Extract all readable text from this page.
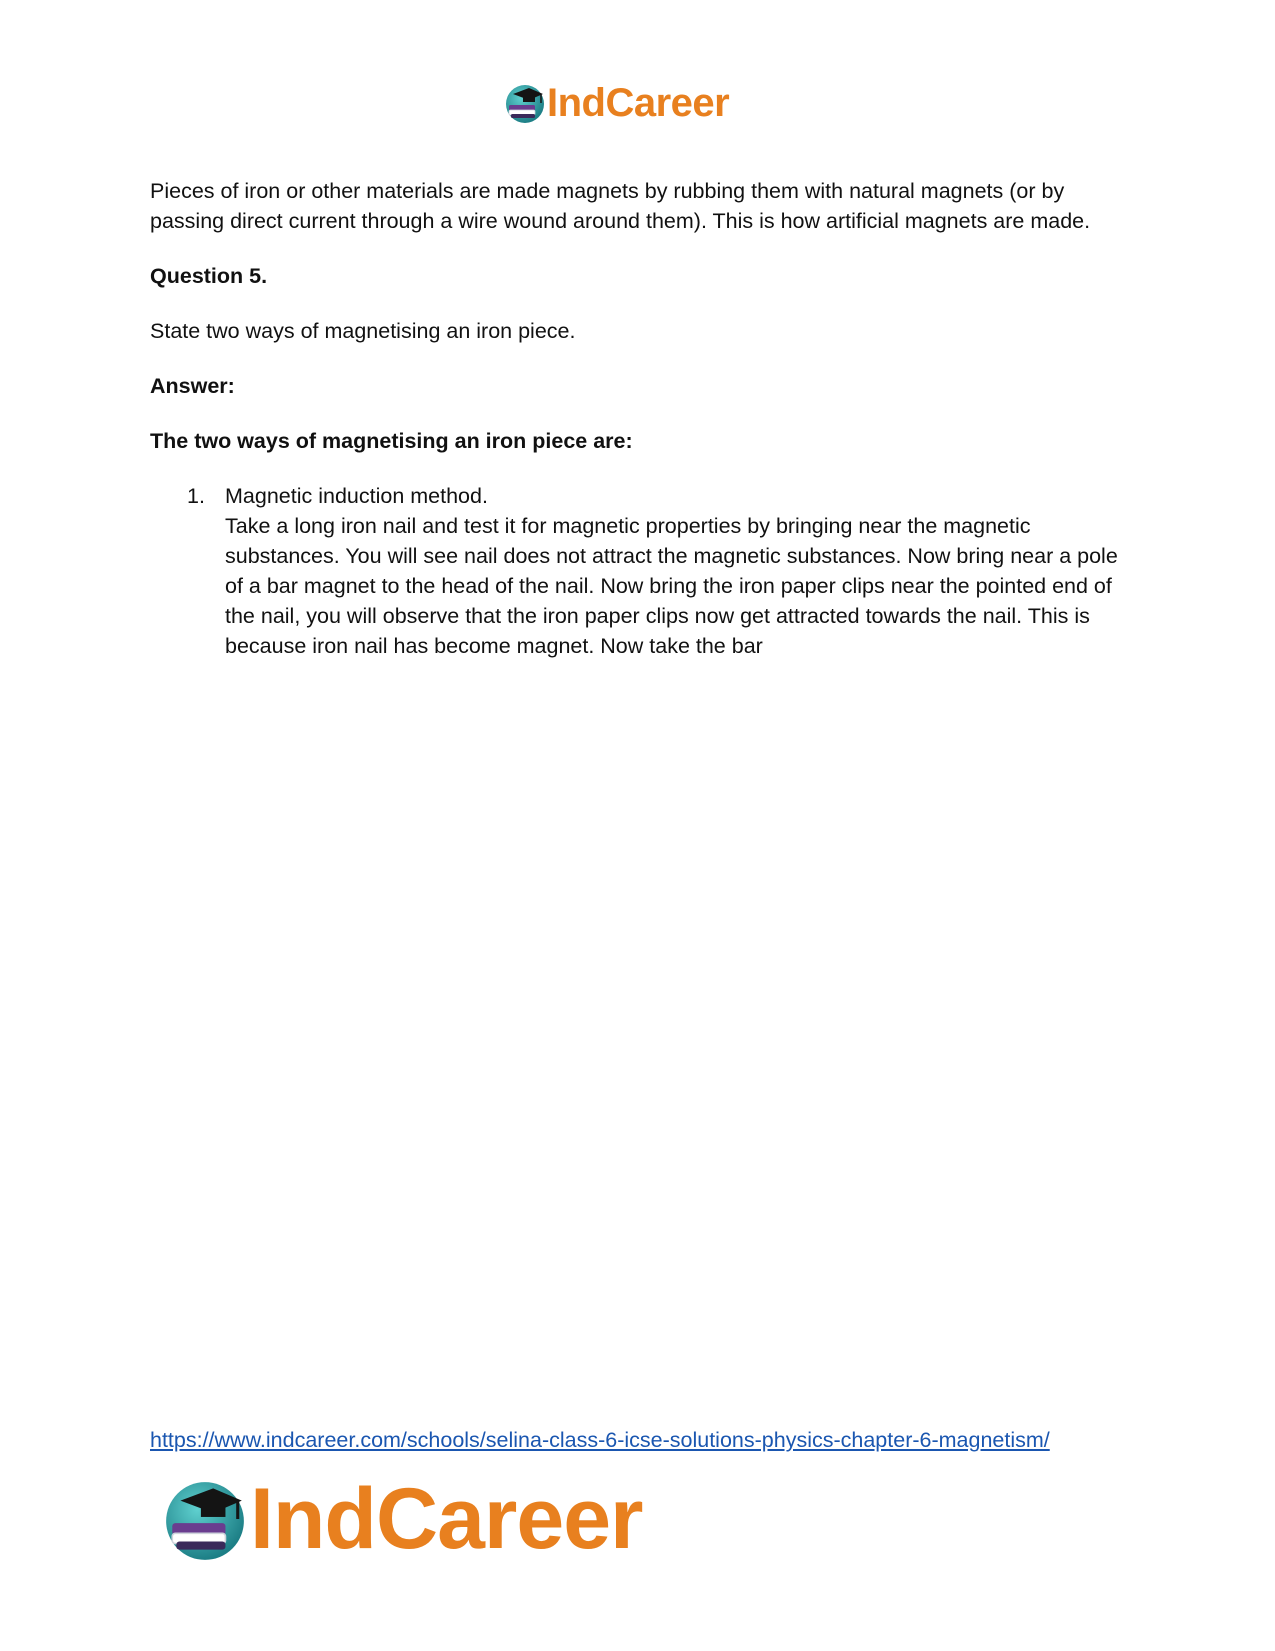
IndCareer

Pieces of iron or other materials are made magnets by rubbing them with natural magnets (or by passing direct current through a wire wound around them). This is how artificial magnets are made.

Question 5.

State two ways of magnetising an iron piece.

Answer:

The two ways of magnetising an iron piece are:

1. Magnetic induction method.
Take a long iron nail and test it for magnetic properties by bringing near the magnetic substances. You will see nail does not attract the magnetic substances. Now bring near a pole of a bar magnet to the head of the nail. Now bring the iron paper clips near the pointed end of the nail, you will observe that the iron paper clips now get attracted towards the nail. This is because iron nail has become magnet. Now take the bar
https://www.indcareer.com/schools/selina-class-6-icse-solutions-physics-chapter-6-magnetism/
IndCareer
